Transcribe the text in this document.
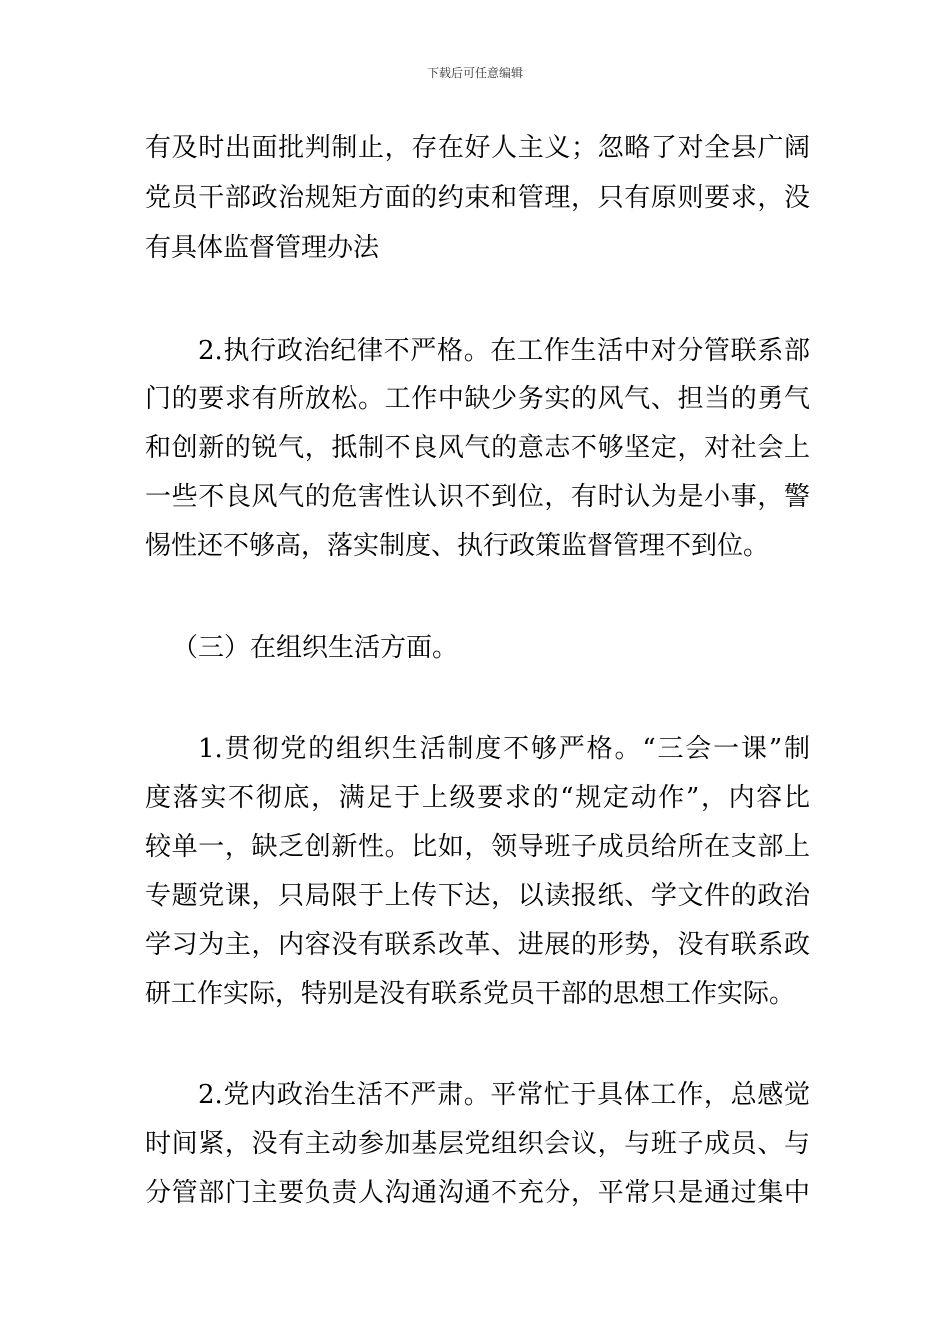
下载后可任意编辑
有及时出面批判制止，存在好人主义；忽略了对全县广阔
党员干部政治规矩方面的约束和管理，只有原则要求，没
有具体监督管理办法
2.执行政治纪律不严格。在工作生活中对分管联系部
门的要求有所放松。工作中缺少务实的风气、担当的勇气
和创新的锐气，抵制不良风气的意志不够坚定，对社会上
一些不良风气的危害性认识不到位，有时认为是小事，警
惕性还不够高，落实制度、执行政策监督管理不到位。
（三）在组织生活方面。
1.贯彻党的组织生活制度不够严格。“三会一课”制
度落实不彻底，满足于上级要求的“规定动作”，内容比
较单一，缺乏创新性。比如，领导班子成员给所在支部上
专题党课，只局限于上传下达，以读报纸、学文件的政治
学习为主，内容没有联系改革、进展的形势，没有联系政
研工作实际，特别是没有联系党员干部的思想工作实际。
2.党内政治生活不严肃。平常忙于具体工作，总感觉
时间紧，没有主动参加基层党组织会议，与班子成员、与
分管部门主要负责人沟通沟通不充分，平常只是通过集中
